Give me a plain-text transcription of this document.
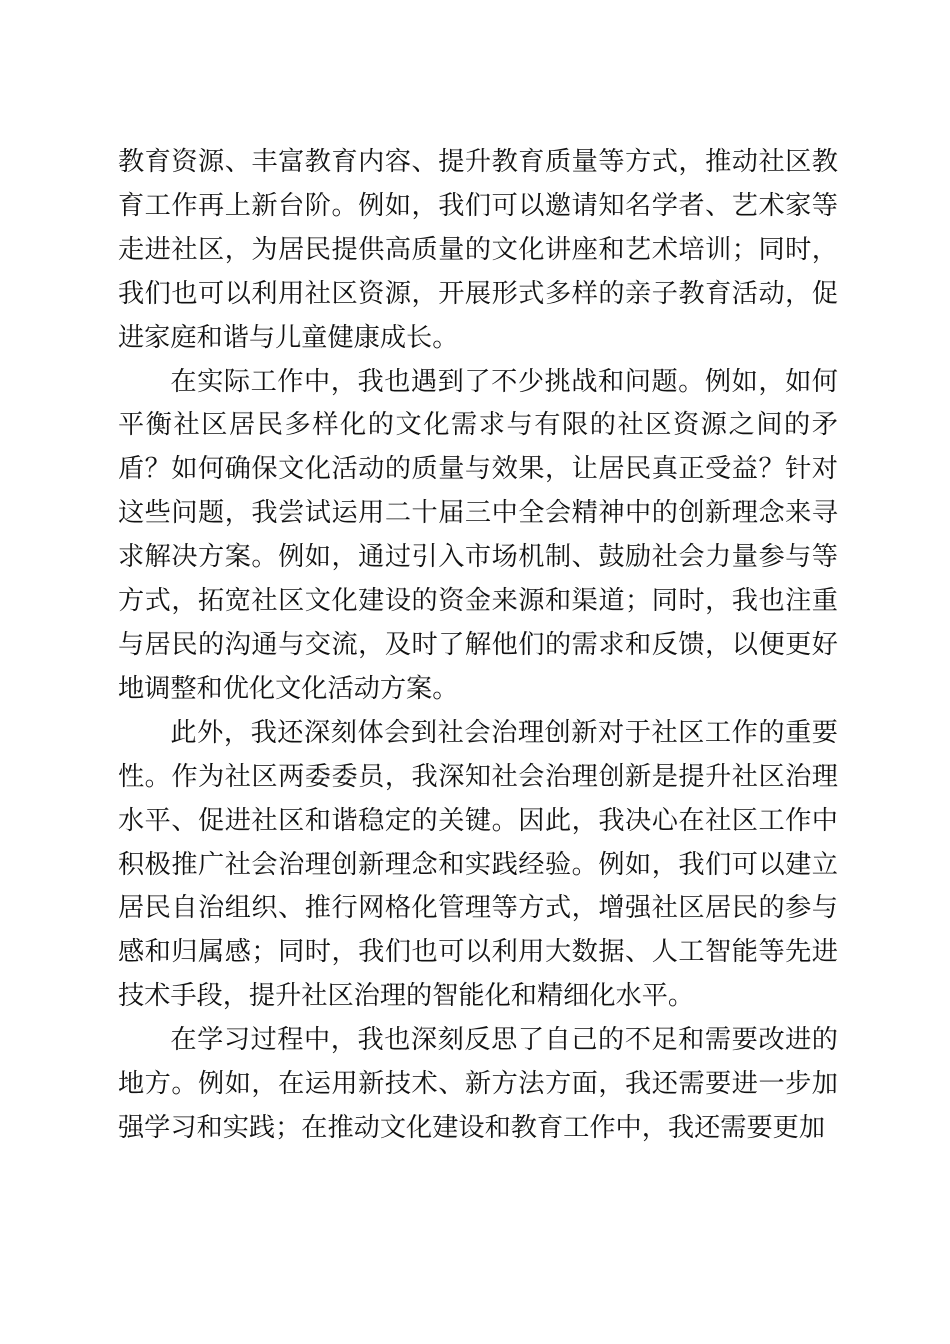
教育资源、丰富教育内容、提升教育质量等方式，推动社区教育工作再上新台阶。例如，我们可以邀请知名学者、艺术家等走进社区，为居民提供高质量的文化讲座和艺术培训；同时，我们也可以利用社区资源，开展形式多样的亲子教育活动，促进家庭和谐与儿童健康成长。

在实际工作中，我也遇到了不少挑战和问题。例如，如何平衡社区居民多样化的文化需求与有限的社区资源之间的矛盾？如何确保文化活动的质量与效果，让居民真正受益？针对这些问题，我尝试运用二十届三中全会精神中的创新理念来寻求解决方案。例如，通过引入市场机制、鼓励社会力量参与等方式，拓宽社区文化建设的资金来源和渠道；同时，我也注重与居民的沟通与交流，及时了解他们的需求和反馈，以便更好地调整和优化文化活动方案。

此外，我还深刻体会到社会治理创新对于社区工作的重要性。作为社区两委委员，我深知社会治理创新是提升社区治理水平、促进社区和谐稳定的关键。因此，我决心在社区工作中积极推广社会治理创新理念和实践经验。例如，我们可以建立居民自治组织、推行网格化管理等方式，增强社区居民的参与感和归属感；同时，我们也可以利用大数据、人工智能等先进技术手段，提升社区治理的智能化和精细化水平。

在学习过程中，我也深刻反思了自己的不足和需要改进的地方。例如，在运用新技术、新方法方面，我还需要进一步加强学习和实践；在推动文化建设和教育工作中，我还需要更加
